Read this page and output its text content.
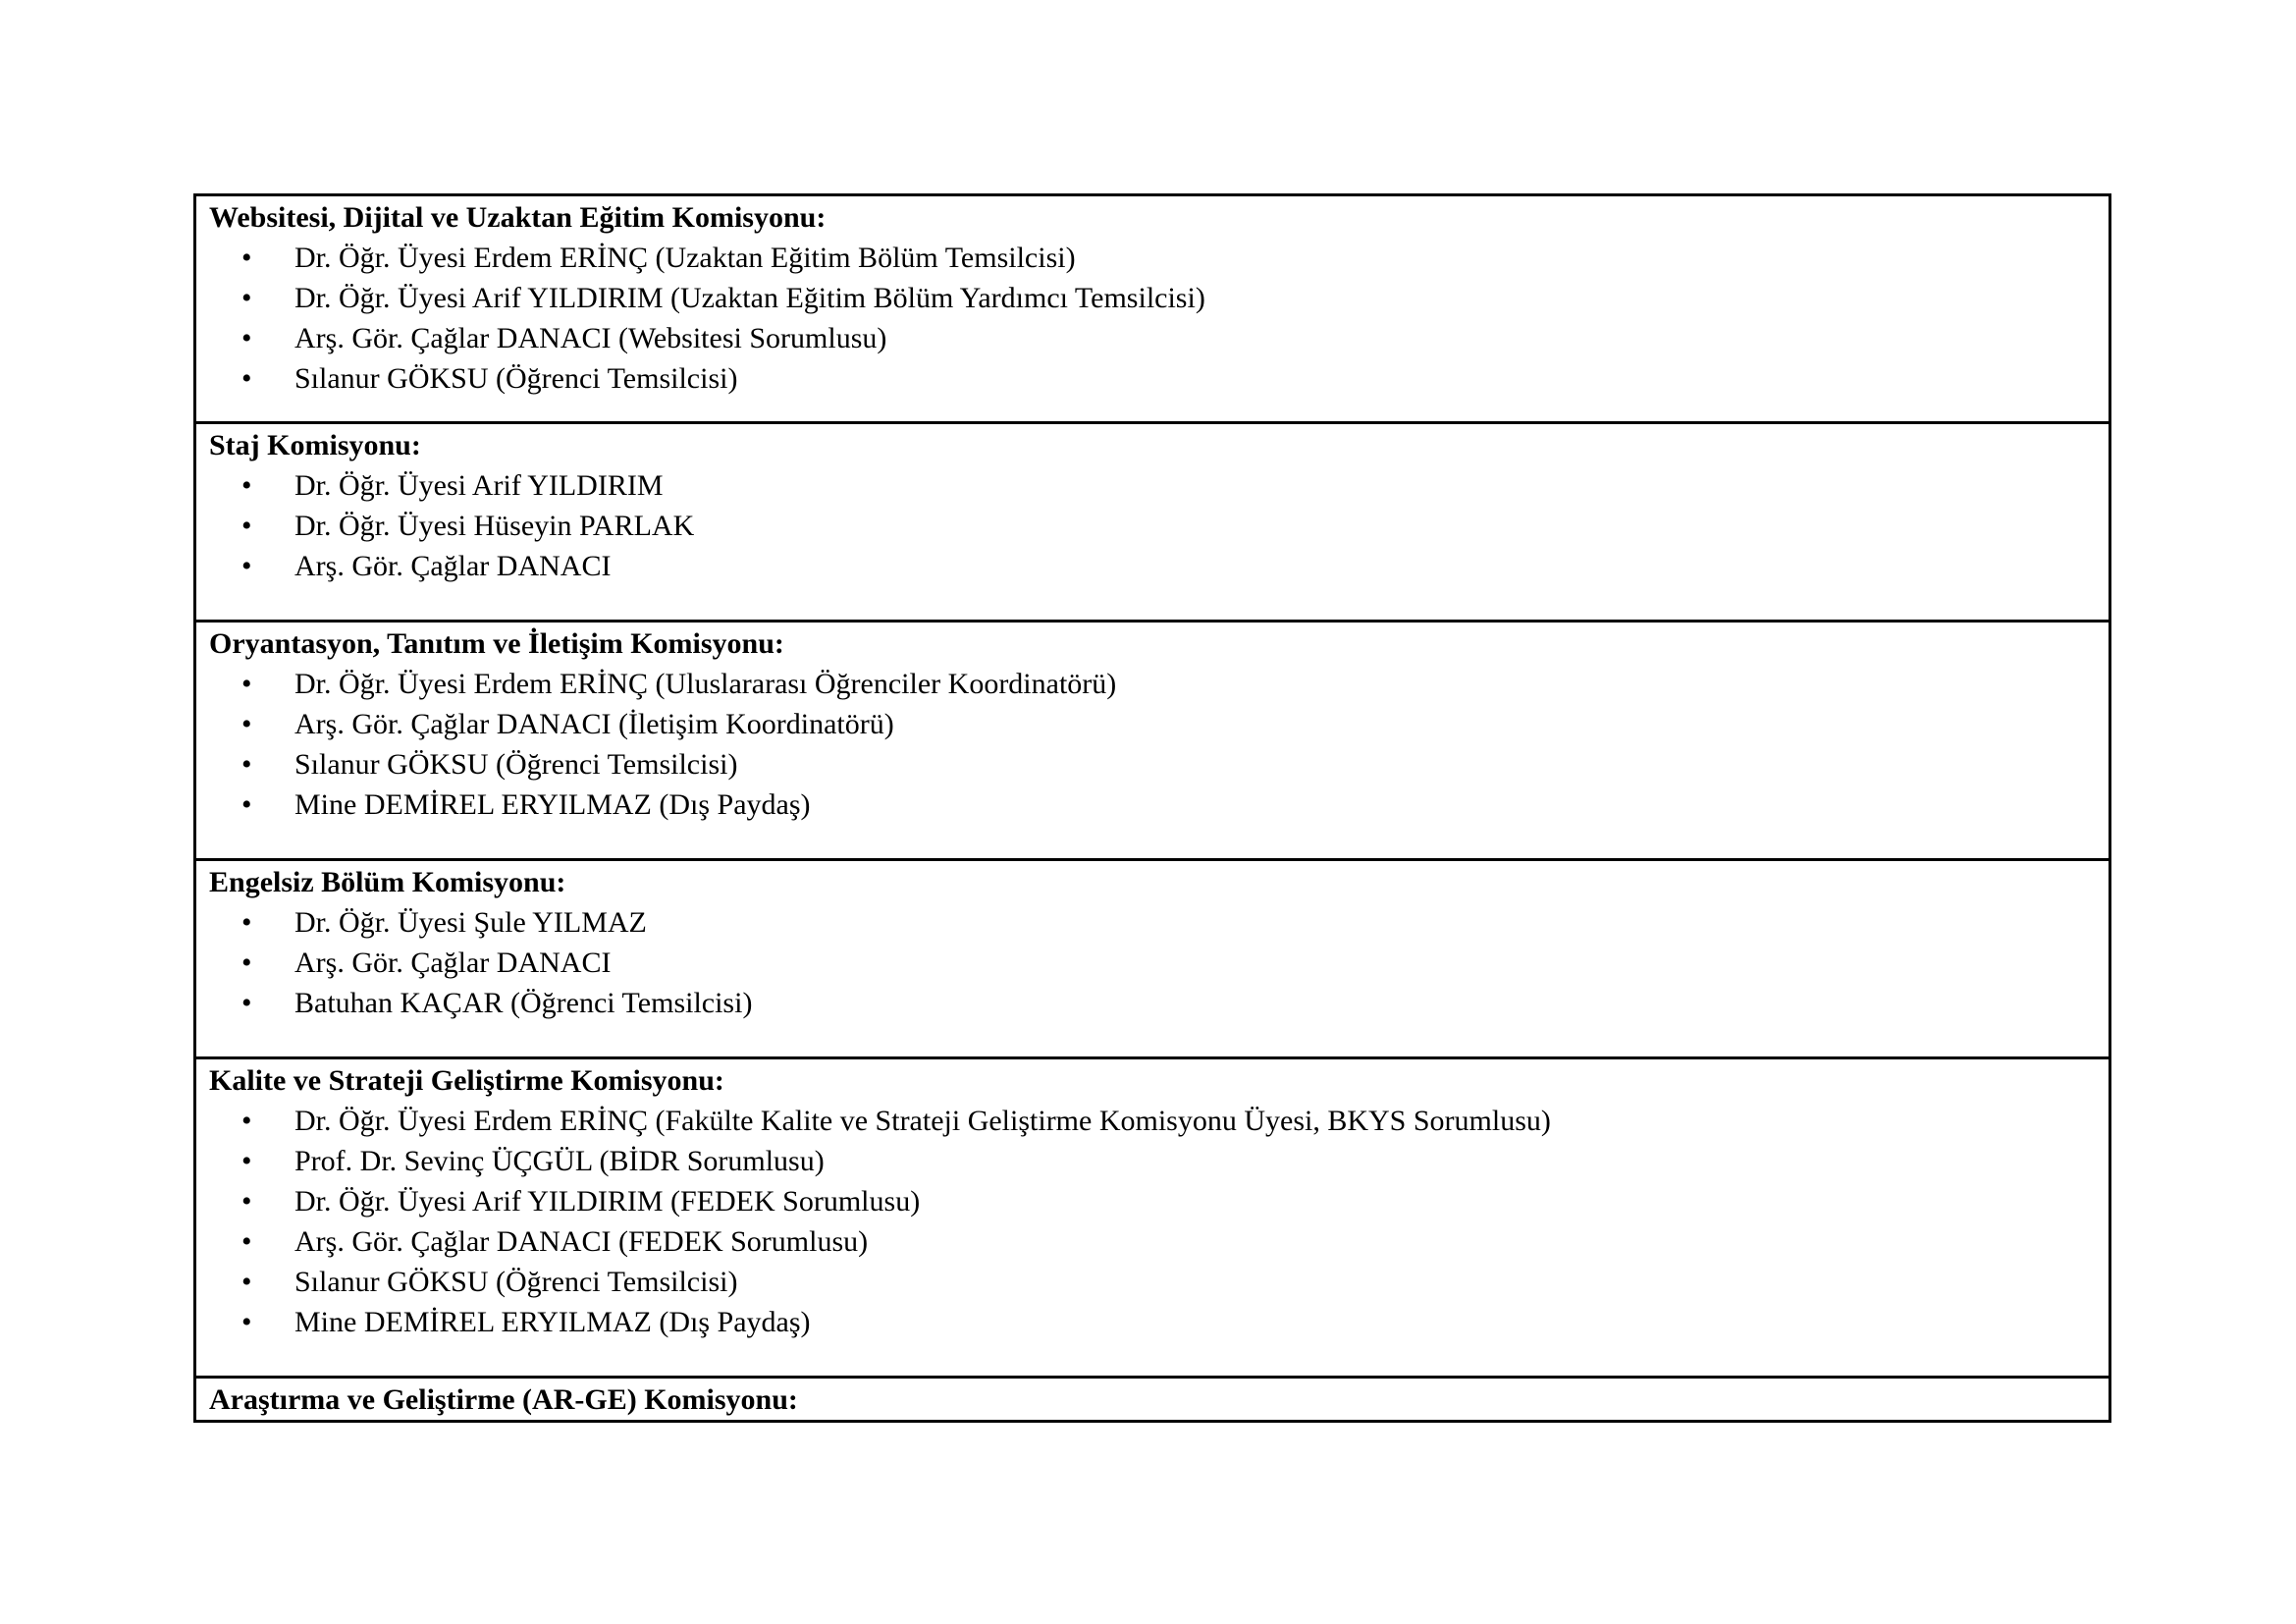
Websitesi, Dijital ve Uzaktan Eğitim Komisyonu:

• Dr. Öğr. Üyesi Erdem ERİNÇ (Uzaktan Eğitim Bölüm Temsilcisi)
• Dr. Öğr. Üyesi Arif YILDIRIM (Uzaktan Eğitim Bölüm Yardımcı Temsilcisi)
• Arş. Gör. Çağlar DANACI (Websitesi Sorumlusu)
• Sılanur GÖKSU (Öğrenci Temsilcisi)

Staj Komisyonu:

• Dr. Öğr. Üyesi Arif YILDIRIM
• Dr. Öğr. Üyesi Hüseyin PARLAK
• Arş. Gör. Çağlar DANACI

Oryantasyon, Tanıtım ve İletişim Komisyonu:

• Dr. Öğr. Üyesi Erdem ERİNÇ (Uluslararası Öğrenciler Koordinatörü)
• Arş. Gör. Çağlar DANACI (İletişim Koordinatörü)
• Sılanur GÖKSU (Öğrenci Temsilcisi)
• Mine DEMİREL ERYILMAZ (Dış Paydaş)

Engelsiz Bölüm Komisyonu:

• Dr. Öğr. Üyesi Şule YILMAZ
• Arş. Gör. Çağlar DANACI
• Batuhan KAÇAR (Öğrenci Temsilcisi)

Kalite ve Strateji Geliştirme Komisyonu:

• Dr. Öğr. Üyesi Erdem ERİNÇ (Fakülte Kalite ve Strateji Geliştirme Komisyonu Üyesi, BKYS Sorumlusu)
• Prof. Dr. Sevinç ÜÇGÜL (BİDR Sorumlusu)
• Dr. Öğr. Üyesi Arif YILDIRIM (FEDEK Sorumlusu)
• Arş. Gör. Çağlar DANACI (FEDEK Sorumlusu)
• Sılanur GÖKSU (Öğrenci Temsilcisi)
• Mine DEMİREL ERYILMAZ (Dış Paydaş)

Araştırma ve Geliştirme (AR-GE) Komisyonu:
